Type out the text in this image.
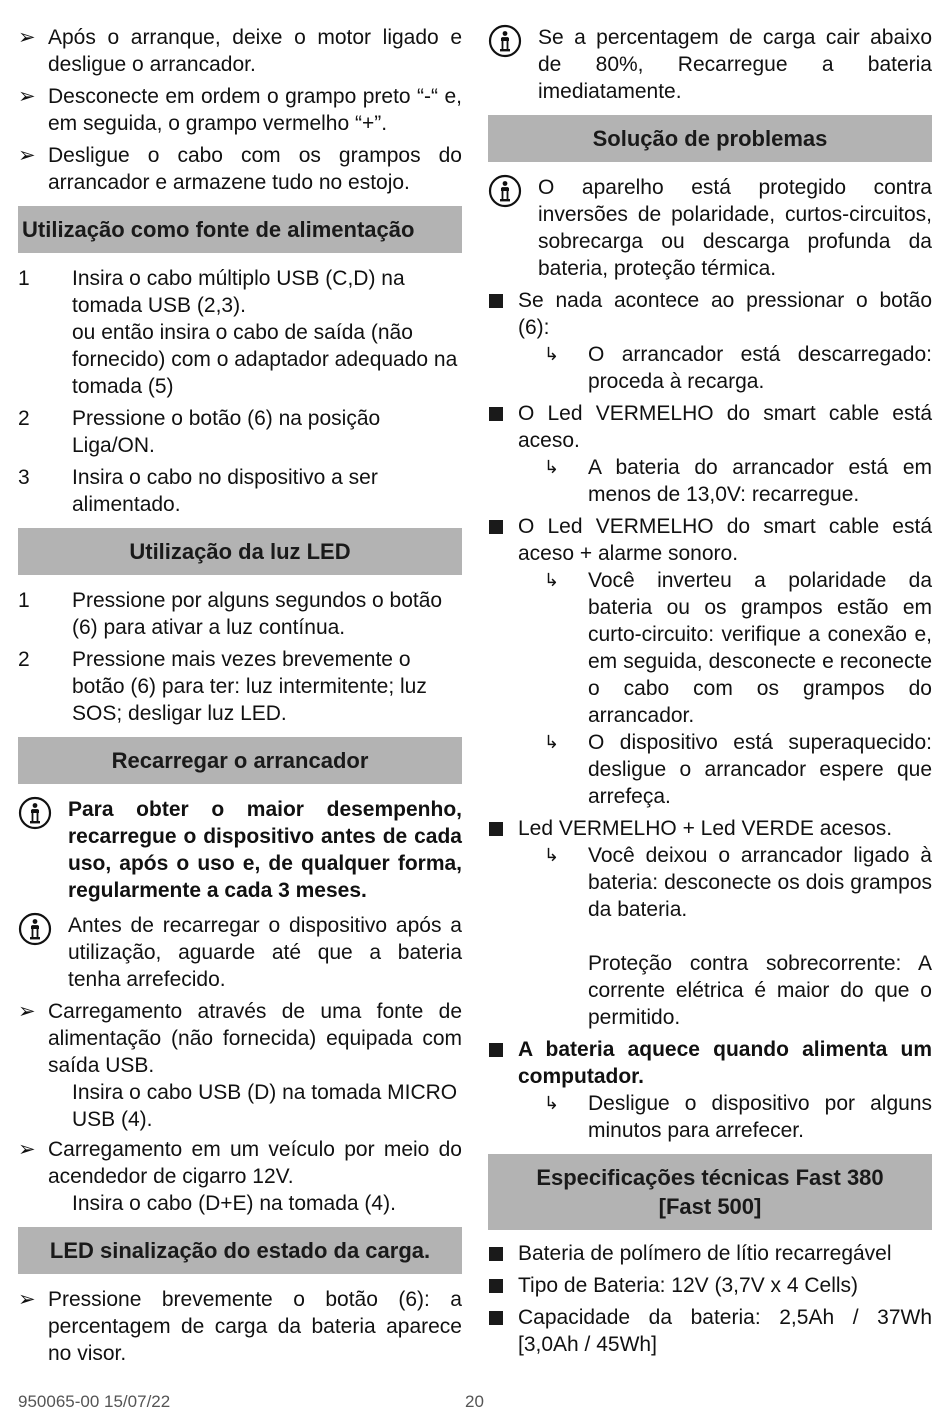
➢ Após o arranque, deixe o motor ligado e desligue o arrancador.
➢ Desconecte em ordem o grampo preto “-“ e, em seguida, o grampo vermelho “+”.
➢ Desligue o cabo com os grampos do arrancador e armazene tudo no estojo.
Utilização como fonte de alimentação
1 Insira o cabo múltiplo USB (C,D) na tomada USB (2,3).
ou então insira o cabo de saída (não fornecido) com o adaptador adequado na tomada (5)
2 Pressione o botão (6) na posição Liga/ON.
3 Insira o cabo no dispositivo a ser alimentado.
Utilização da luz LED
1 Pressione por alguns segundos o botão (6) para ativar a luz contínua.
2 Pressione mais vezes brevemente o botão (6) para ter: luz intermitente; luz SOS; desligar luz LED.
Recarregar o arrancador
Para obter o maior desempenho, recarregue o dispositivo antes de cada uso, após o uso e, de qualquer forma, regularmente a cada 3 meses.
Antes de recarregar o dispositivo após a utilização, aguarde até que a bateria tenha arrefecido.
➢ Carregamento através de uma fonte de alimentação (não fornecida) equipada com saída USB.
Insira o cabo USB (D) na tomada MICRO USB (4).
➢ Carregamento em um veículo por meio do acendedor de cigarro 12V.
Insira o cabo (D+E) na tomada (4).
LED sinalização do estado da carga.
➢ Pressione brevemente o botão (6): a percentagem de carga da bateria aparece no visor.
Se a percentagem de carga cair abaixo de 80%, Recarregue a bateria imediatamente.
Solução de problemas
O aparelho está protegido contra inversões de polaridade, curtos-circuitos, sobrecarga ou descarga profunda da bateria, proteção térmica.
Se nada acontece ao pressionar o botão (6):
↳ O arrancador está descarregado: proceda à recarga.
O Led VERMELHO do smart cable está aceso.
↳ A bateria do arrancador está em menos de 13,0V: recarregue.
O Led VERMELHO do smart cable está aceso + alarme sonoro.
↳ Você inverteu a polaridade da bateria ou os grampos estão em curto-circuito: verifique a conexão e, em seguida, desconecte e reconecte o cabo com os grampos do arrancador.
↳ O dispositivo está superaquecido: desligue o arrancador espere que arrefeça.
Led VERMELHO + Led VERDE acesos.
↳ Você deixou o arrancador ligado à bateria: desconecte os dois grampos da bateria.
Proteção contra sobrecorrente: A corrente elétrica é maior do que o permitido.
A bateria aquece quando alimenta um computador.
↳ Desligue o dispositivo por alguns minutos para arrefecer.
Especificações técnicas Fast 380
[Fast 500]
Bateria de polímero de lítio recarregável
Tipo de Bateria: 12V (3,7V x 4 Cells)
Capacidade da bateria: 2,5Ah / 37Wh [3,0Ah / 45Wh]
950065-00 15/07/22	20
